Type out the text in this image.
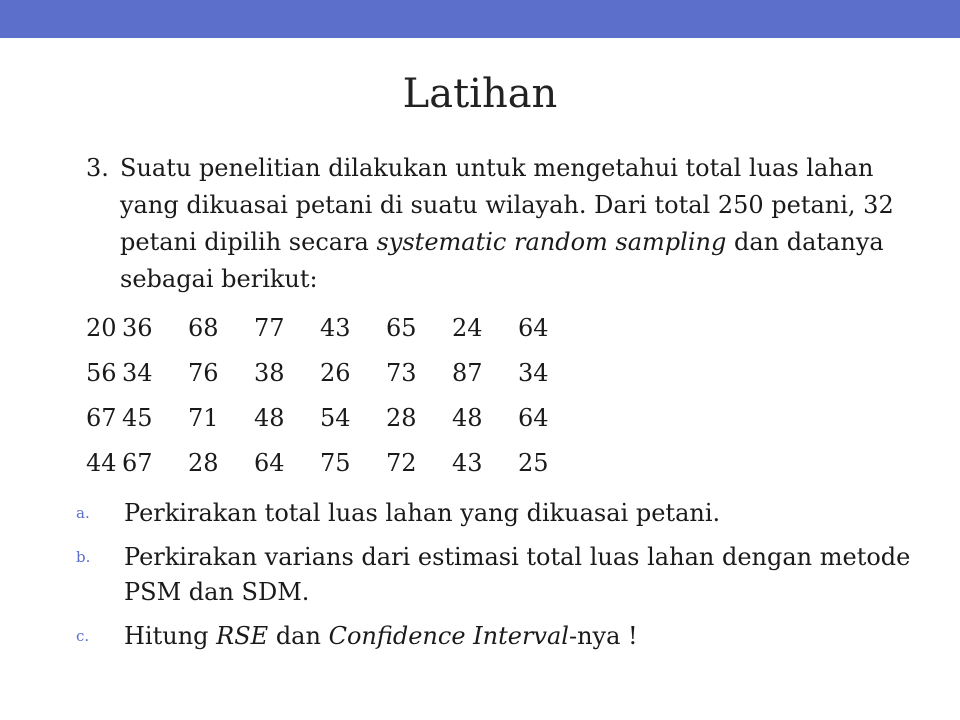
Latihan
3. Suatu penelitian dilakukan untuk mengetahui total luas lahan yang dikuasai petani di suatu wilayah. Dari total 250 petani, 32 petani dipilih secara systematic random sampling dan datanya sebagai berikut:
20 36 68 77 43 65 24 64
56 34 76 38 26 73 87 34
67 45 71 48 54 28 48 64
44 67 28 64 75 72 43 25
a. Perkirakan total luas lahan yang dikuasai petani.
b. Perkirakan varians dari estimasi total luas lahan dengan metode PSM dan SDM.
c. Hitung RSE dan Confidence Interval-nya !
